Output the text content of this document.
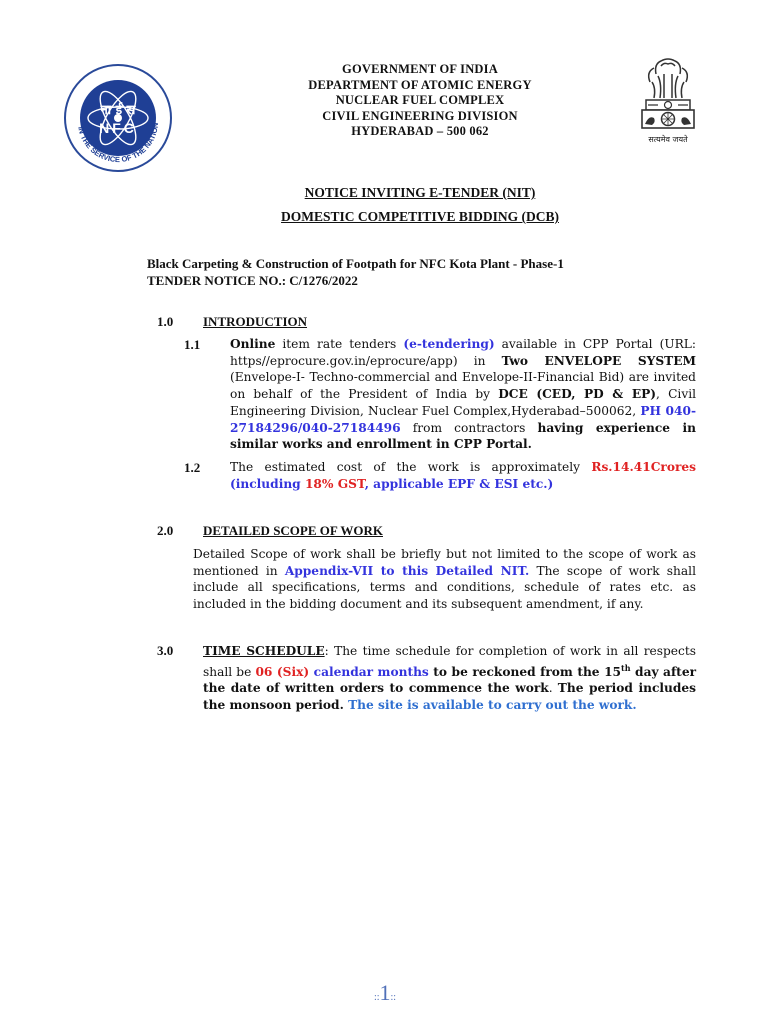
IN THE SERVICE OF THE NATION
ना ई स
NFC
GOVERNMENT OF INDIA
DEPARTMENT OF ATOMIC ENERGY
NUCLEAR FUEL COMPLEX
CIVIL ENGINEERING DIVISION
HYDERABAD – 500 062
सत्यमेव जयते
NOTICE INVITING E-TENDER (NIT)
DOMESTIC COMPETITIVE BIDDING (DCB)
Black Carpeting & Construction of Footpath for NFC Kota Plant - Phase-1
TENDER NOTICE NO.: C/1276/2022
1.0 INTRODUCTION
1.1 Online item rate tenders (e-tendering) available in CPP Portal (URL: https//eprocure.gov.in/eprocure/app) in Two ENVELOPE SYSTEM (Envelope-I- Techno-commercial and Envelope-II-Financial Bid) are invited on behalf of the President of India by DCE (CED, PD & EP), Civil Engineering Division, Nuclear Fuel Complex,Hyderabad–500062, PH 040-27184296/040-27184496 from contractors having experience in similar works and enrollment in CPP Portal.
1.2 The estimated cost of the work is approximately Rs.14.41Crores (including 18% GST, applicable EPF & ESI etc.)
2.0 DETAILED SCOPE OF WORK
Detailed Scope of work shall be briefly but not limited to the scope of work as mentioned in Appendix-VII to this Detailed NIT. The scope of work shall include all specifications, terms and conditions, schedule of rates etc. as included in the bidding document and its subsequent amendment, if any.
3.0 TIME SCHEDULE: The time schedule for completion of work in all respects shall be 06 (Six) calendar months to be reckoned from the 15th day after the date of written orders to commence the work. The period includes the monsoon period. The site is available to carry out the work.
::1::
